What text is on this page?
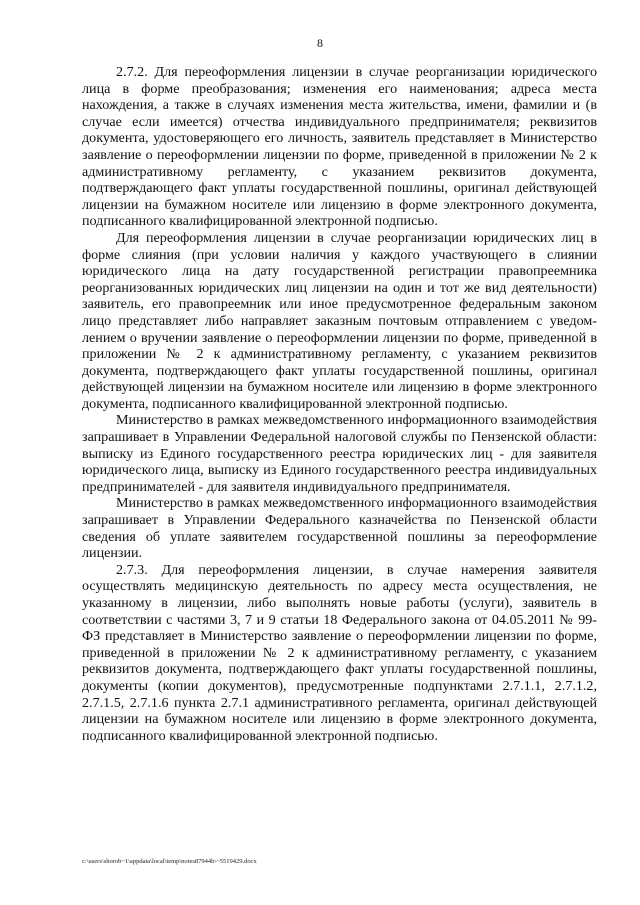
8

2.7.2. Для переоформления лицензии в случае реорганизации юридического лица в форме преобразования; изменения его наименования; адреса места нахождения, а также в случаях изменения места жительства, имени, фамилии и (в случае если имеется) отчества индивидуального предпринимателя; реквизитов документа, удостоверяющего его личность, заявитель представляет в Министерство заявление о переоформлении лицензии по форме, приведенной в приложении № 2 к административному регламенту, с указанием реквизитов документа, подтверждающего факт уплаты государственной пошлины, оригинал действующей лицензии на бумажном носителе или лицензию в форме электронного документа, подписанного квалифицированной электронной подписью.

Для переоформления лицензии в случае реорганизации юридических лиц в форме слияния (при условии наличия у каждого участвующего в слиянии юридического лица на дату государственной регистрации правопреемника реорганизованных юридических лиц лицензии на один и тот же вид деятельности) заявитель, его правопреемник или иное предусмотренное федеральным законом лицо представляет либо направляет заказным почтовым отправлением с уведомлением о вручении заявление о переоформлении лицензии по форме, приведенной в приложении № 2 к административному регламенту, с указанием реквизитов документа, подтверждающего факт уплаты государственной пошлины, оригинал действующей лицензии на бумажном носителе или лицензию в форме электронного документа, подписанного квалифицированной электронной подписью.

Министерство в рамках межведомственного информационного взаимодействия запрашивает в Управлении Федеральной налоговой службы по Пензенской области: выписку из Единого государственного реестра юридических лиц - для заявителя юридического лица, выписку из Единого государственного реестра индивидуальных предпринимателей - для заявителя индивидуального предпринимателя.

Министерство в рамках межведомственного информационного взаимодействия запрашивает в Управлении Федерального казначейства по Пензенской области сведения об уплате заявителем государственной пошлины за переоформление лицензии.

2.7.3. Для переоформления лицензии, в случае намерения заявителя осуществлять медицинскую деятельность по адресу места осуществления, не указанному в лицензии, либо выполнять новые работы (услуги), заявитель в соответствии с частями 3, 7 и 9 статьи 18 Федерального закона от 04.05.2011 № 99-ФЗ представляет в Министерство заявление о переоформлении лицензии по форме, приведенной в приложении № 2 к административному регламенту, с указанием реквизитов документа, подтверждающего факт уплаты государственной пошлины, документы (копии документов), предусмотренные подпунктами 2.7.1.1, 2.7.1.2, 2.7.1.5, 2.7.1.6 пункта 2.7.1 административного регламента, оригинал действующей лицензии на бумажном носителе или лицензию в форме электронного документа, подписанного квалифицированной электронной подписью.

c:\users\shorob~1\appdata\local\temp\notes87944b\~5519429.docx
